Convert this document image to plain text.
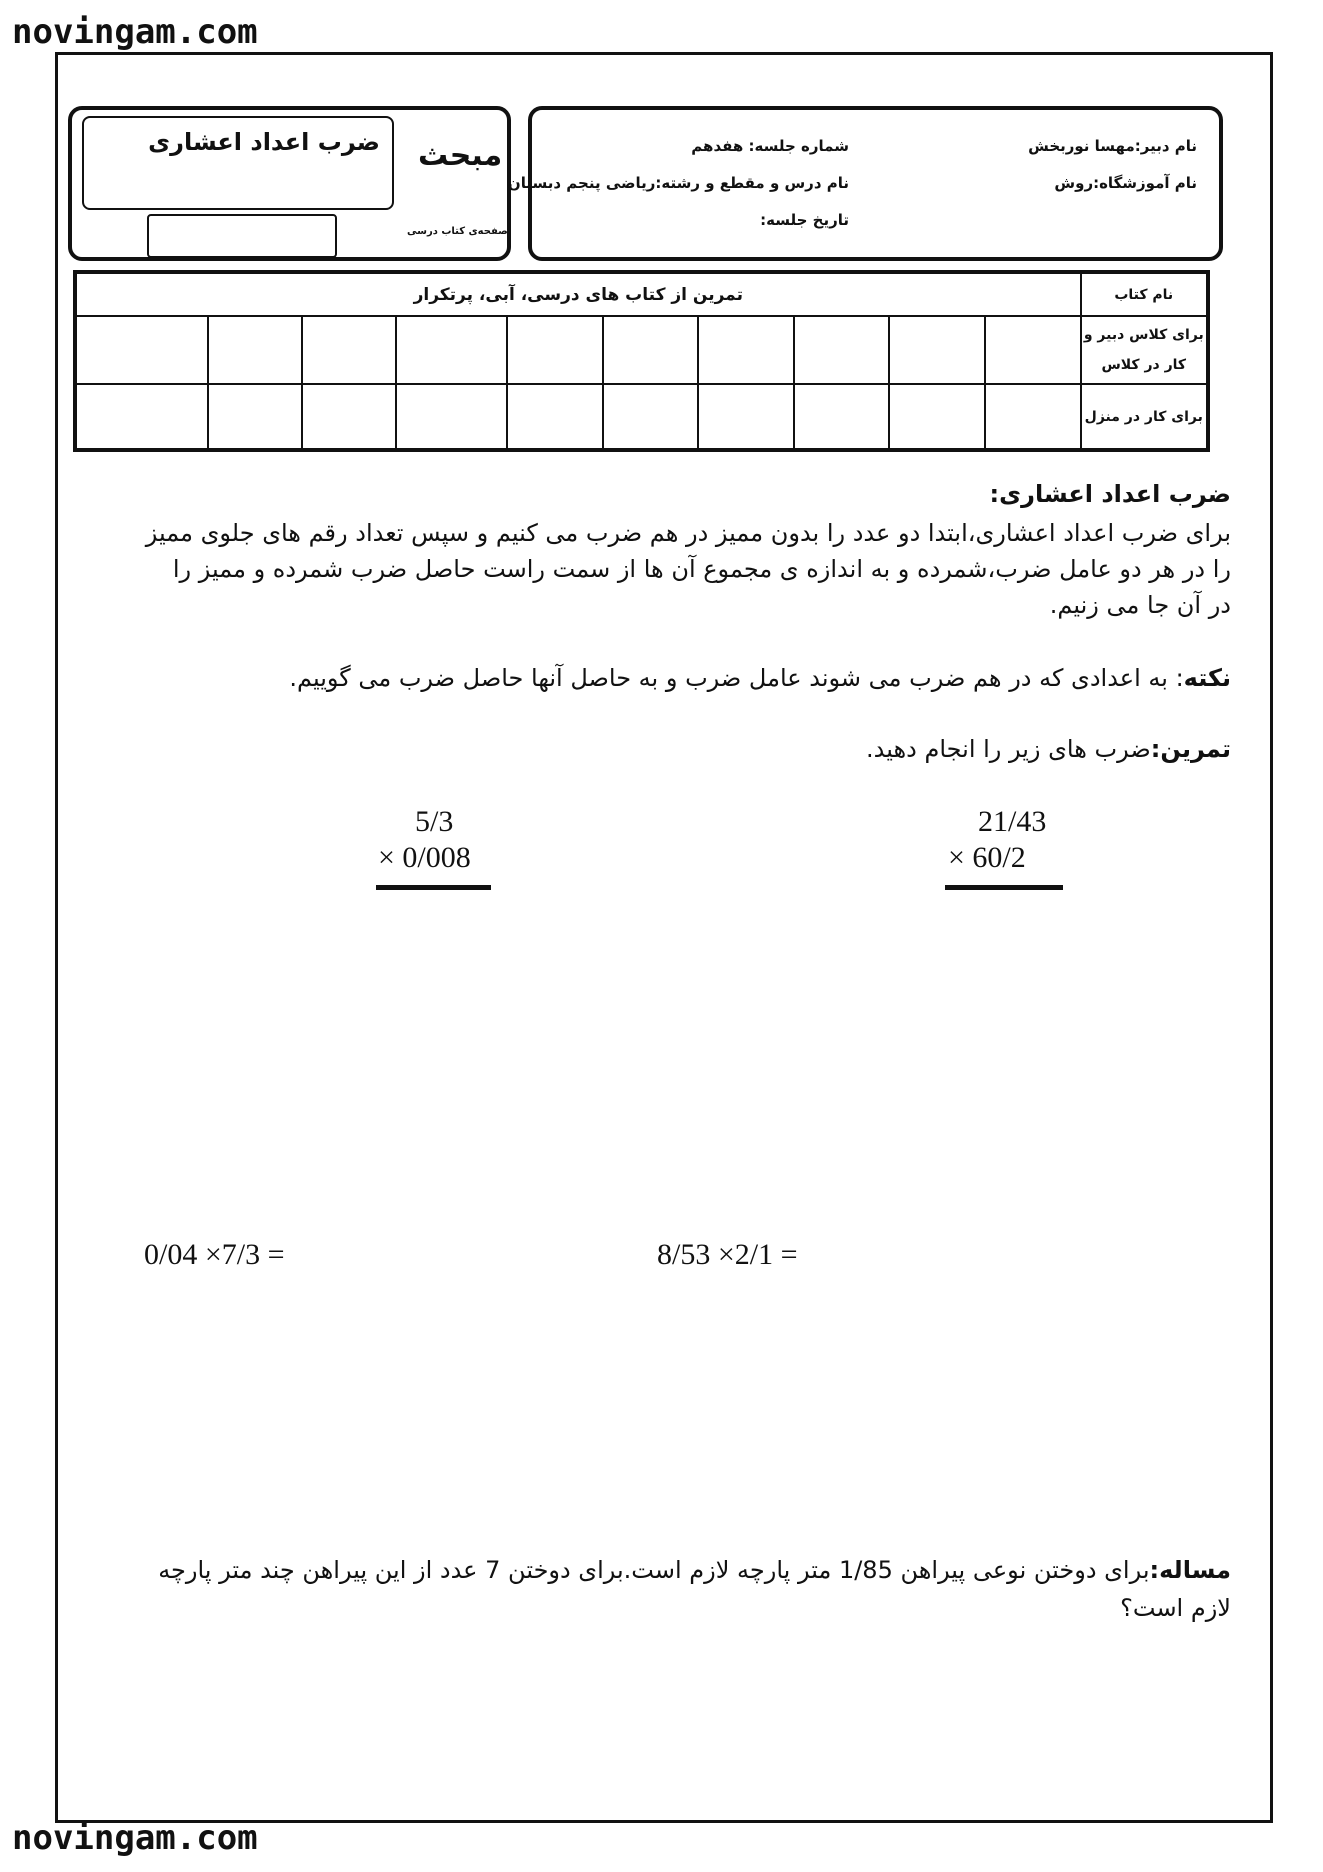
novingam.com
novingam.com
ضرب اعداد اعشاری مبحث
صفحه‌ی کتاب درسی
نام دبیر:مهسا نوربخش
نام آموزشگاه:روش
شماره جلسه: هفدهم
نام درس و مقطع و رشته:ریاضی پنجم دبستان
تاریخ جلسه:
تمرین از کتاب های درسی، آبی، پرتکرار										نام کتاب

										برای کلاس دبیر و
کار در کلاس

										برای کار در منزل
ضرب اعداد اعشاری:
برای ضرب اعداد اعشاری،ابتدا دو عدد را بدون ممیز در هم ضرب می کنیم و سپس تعداد رقم های جلوی ممیز
را در هر دو عامل ضرب،شمرده و به اندازه ی مجموع آن ها از سمت راست حاصل ضرب شمرده و ممیز را
در آن جا می زنیم.
نکته: به اعدادی که در هم ضرب می شوند عامل ضرب و به حاصل آنها حاصل ضرب می گوییم.
تمرین:ضرب های زیر را انجام دهید.
21/43
× 60/2
5/3
× 0/008
8/53 ×2/1 =
0/04 ×7/3 =
مساله:برای دوختن نوعی پیراهن 1/85 متر پارچه لازم است.برای دوختن 7 عدد از این پیراهن چند متر پارچه
لازم است؟
